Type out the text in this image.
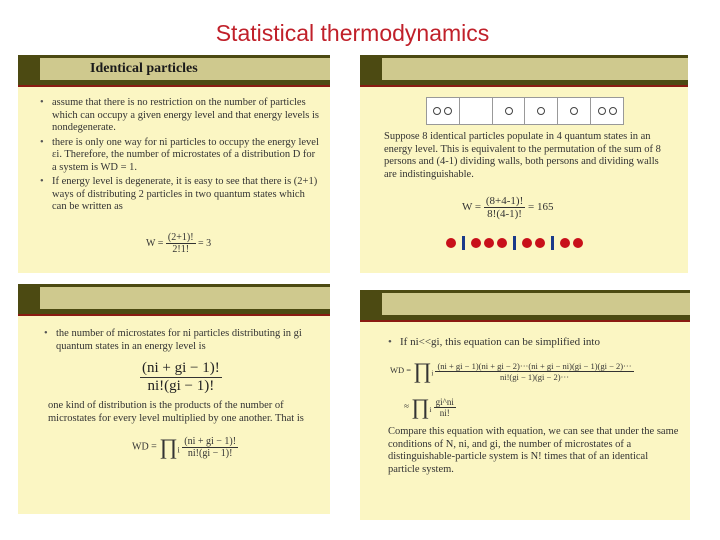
Statistical thermodynamics
Identical particles
• assume that there is no restriction on the number of particles which can occupy a given energy level and that energy levels is nondegenerate.
• there is only one way for ni particles to occupy the energy level εi. Therefore, the number of microstates of a distribution D for a system is WD = 1.
• If energy level is degenerate, it is easy to see that there is (2+1) ways of distributing 2 particles in two quantum states which can be written as
$W = \frac{(2+1)!}{2!1!} = 3$
Suppose 8 identical particles populate in 4 quantum states in an energy level. This is equivalent to the permutation of the sum of 8 persons and (4-1) dividing walls, both persons and dividing walls are indistinguishable.
$W = \frac{(8+4-1)!}{8!(4-1)!} = 165$
• the number of microstates for ni particles distributing in gi quantum states in an energy level is
$\frac{(ni + gi - 1)!}{ni!(gi - 1)!}$
one kind of distribution is the products of the number of microstates for every level multiplied by one another. That is
WD = $\prod_i \frac{(ni + gi - 1)!}{ni!(gi - 1)!}$
• If ni<<gi, this equation can be simplified into
WD = $\prod_i$
(ni + gi − 1)(ni + gi − 2)···(ni + gi − ni)(gi − 1)(gi − 2)···
ni!(gi − 1)(gi − 2)···
≈ $\prod_i \frac{gi\^{}ni}{ni!}$
Compare this equation with equation, we can see that under the same conditions of N, ni, and gi, the number of microstates of a distinguishable-particle system is N! times that of an identical particle system.
